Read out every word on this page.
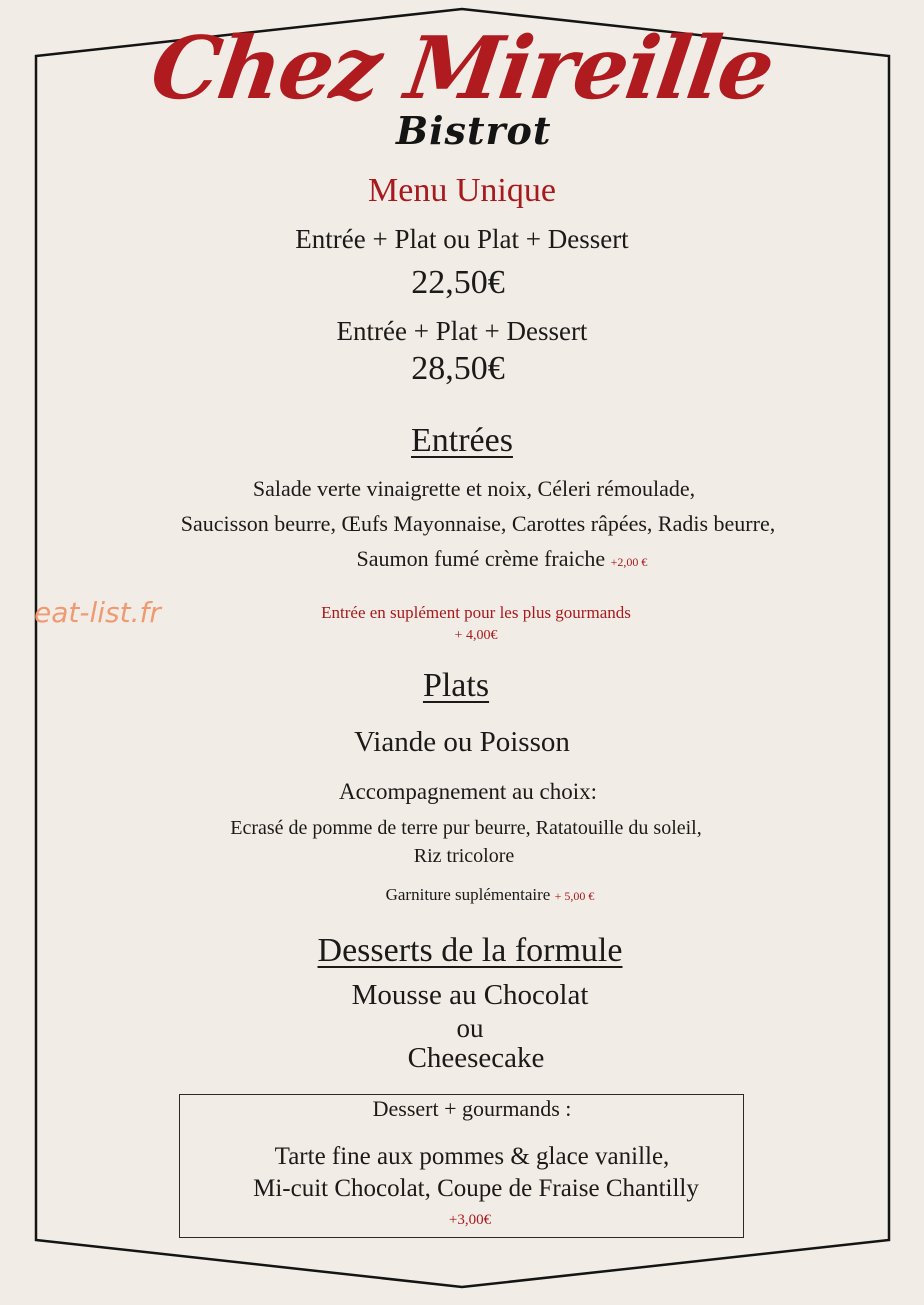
Chez Mireille
Bistrot
Menu Unique
Entrée + Plat ou Plat + Dessert
22,50€
Entrée + Plat + Dessert
28,50€
Entrées
Salade verte vinaigrette et noix, Céleri rémoulade,
Saucisson beurre, Œufs Mayonnaise, Carottes râpées, Radis beurre,
Saumon fumé crème fraiche +2,00 €
eat-list.fr	Entrée en suplément pour les plus gourmands
+ 4,00€
Plats
Viande ou Poisson
Accompagnement au choix:
Ecrasé de pomme de terre pur beurre, Ratatouille du soleil,
Riz tricolore
Garniture suplémentaire + 5,00 €
Desserts de la formule
Mousse au Chocolat
ou
Cheesecake
Dessert + gourmands :
Tarte fine aux pommes & glace vanille,
Mi-cuit Chocolat, Coupe de Fraise Chantilly
+3,00€
